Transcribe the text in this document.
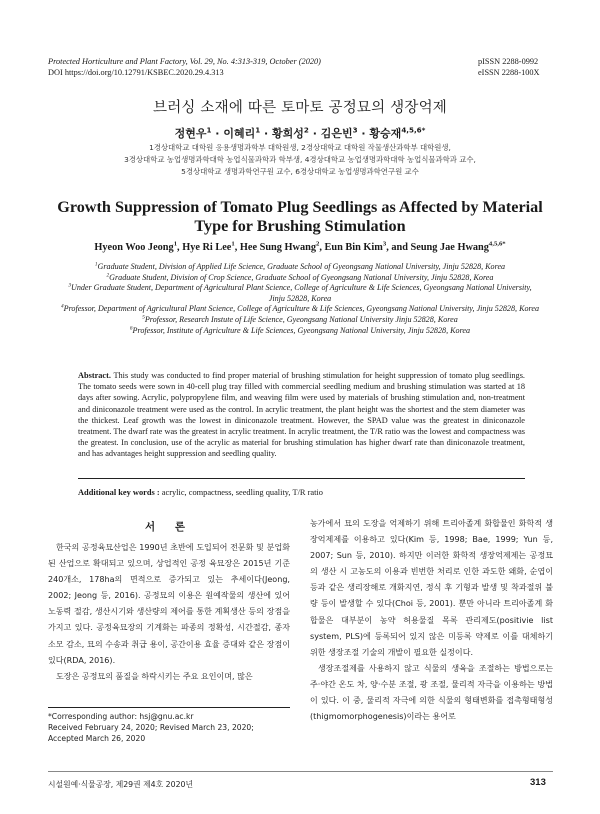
Protected Horticulture and Plant Factory, Vol. 29, No. 4:313-319, October (2020)
DOI https://doi.org/10.12791/KSBEC.2020.29.4.313
pISSN 2288-0992
eISSN 2288-100X
브러싱 소재에 따른 토마토 공정묘의 생장억제
정현우$^1$ · 이혜리$^1$ · 황희성$^2$ · 김은빈$^3$ · 황승재$^{4,5,6*}$
1경상대학교 대학원 응용생명과학부 대학원생, 2경상대학교 대학원 작물생산과학부 대학원생,
3경상대학교 농업생명과학대학 농업식물과학과 학부생, 4경상대학교 농업생명과학대학 농업식물과학과 교수,
5경상대학교 생명과학연구원 교수, 6경상대학교 농업생명과학연구원 교수
Growth Suppression of Tomato Plug Seedlings as Affected by Material
Type for Brushing Stimulation
Hyeon Woo Jeong$^1$, Hye Ri Lee$^1$, Hee Sung Hwang$^2$, Eun Bin Kim$^3$, and Seung Jae Hwang$^{4,5,6*}$
$^1$Graduate Student, Division of Applied Life Science, Graduate School of Gyeongsang National University, Jinju 52828, Korea
$^2$Graduate Student, Division of Crop Science, Graduate School of Gyeongsang National University, Jinju 52828, Korea
$^3$Under Graduate Student, Department of Agricultural Plant Science, College of Agriculture & Life Sciences, Gyeongsang National University, Jinju 52828, Korea
$^4$Professor, Department of Agricultural Plant Science, College of Agriculture & Life Sciences, Gyeongsang National University, Jinju 52828, Korea
$^5$Professor, Research Instute of Life Science, Gyeongsang National University Jinju 52828, Korea
$^6$Professor, Institute of Agriculture & Life Sciences, Gyeongsang National University, Jinju 52828, Korea
Abstract. This study was conducted to find proper material of brushing stimulation for height suppression of tomato plug seedlings. The tomato seeds were sown in 40-cell plug tray filled with commercial seedling medium and brushing stimulation was started at 18 days after sowing. Acrylic, polypropylene film, and weaving film were used by materials of brushing stimulation and, non-treatment and diniconazole treatment were used as the control. In acrylic treatment, the plant height was the shortest and the stem diameter was the thickest. Leaf growth was the lowest in diniconazole treatment. However, the SPAD value was the greatest in diniconazole treatment. The dwarf rate was the greatest in acrylic treatment. In acrylic treatment, the T/R ratio was the lowest and compactness was the greatest. In conclusion, use of the acrylic as material for brushing stimulation has higher dwarf rate than diniconazole treatment, and has advantages height suppression and seedling quality.
Additional key words : acrylic, compactness, seedling quality, T/R ratio
서 론

한국의 공정육묘산업은 1990년 초반에 도입되어 전문화 및 분업화된 산업으로 확대되고 있으며, 상업적인 공정 육묘장은 2015년 기준 240개소, 178ha의 면적으로 증가되고 있는 추세이다(Jeong, 2002; Jeong 등, 2016). 공정묘의 이용은 원예작물의 생산에 있어 노동력 절감, 생산시기와 생산량의 제어를 통한 계획생산 등의 장점을 가지고 있다. 공정육묘장의 기계화는 파종의 정확성, 시간절감, 종자소모 감소, 묘의 수송과 취급 용이, 공간이용 효율 증대와 같은 장점이 있다(RDA, 2016).

도장은 공정묘의 품질을 하락시키는 주요 요인이며, 많은

*Corresponding author: hsj@gnu.ac.kr
Received February 24, 2020; Revised March 23, 2020;
Accepted March 26, 2020

농가에서 묘의 도장을 억제하기 위해 트리아졸계 화합물인 화학적 생장억제제를 이용하고 있다(Kim 등, 1998; Bae, 1999; Yun 등, 2007; Sun 등, 2010). 하지만 이러한 화학적 생장억제제는 공정묘의 생산 시 고농도의 이용과 빈번한 처리로 인한 과도한 왜화, 순엽이 등과 같은 생리장해로 개화지연, 정식 후 기형과 발생 및 착과절위 불량 등이 발생할 수 있다(Choi 등, 2001). 뿐만 아니라 트리아졸계 화합물은 대부분이 농약 허용물질 목록 관리제도(positivie list system, PLS)에 등록되어 있지 않은 미등록 약제로 이를 대체하기 위한 생장조절 기술의 개발이 필요한 실정이다.

생장조절제를 사용하지 않고 식물의 생육을 조절하는 방법으로는 주·야간 온도 차, 양·수분 조절, 광 조절, 물리적 자극을 이용하는 방법이 있다. 이 중, 물리적 자극에 의한 식물의 형태변화를 접촉형태형성(thigmomorphogenesis)이라는 용어로

시설원예·식물공장, 제29권 제4호 2020년	313
